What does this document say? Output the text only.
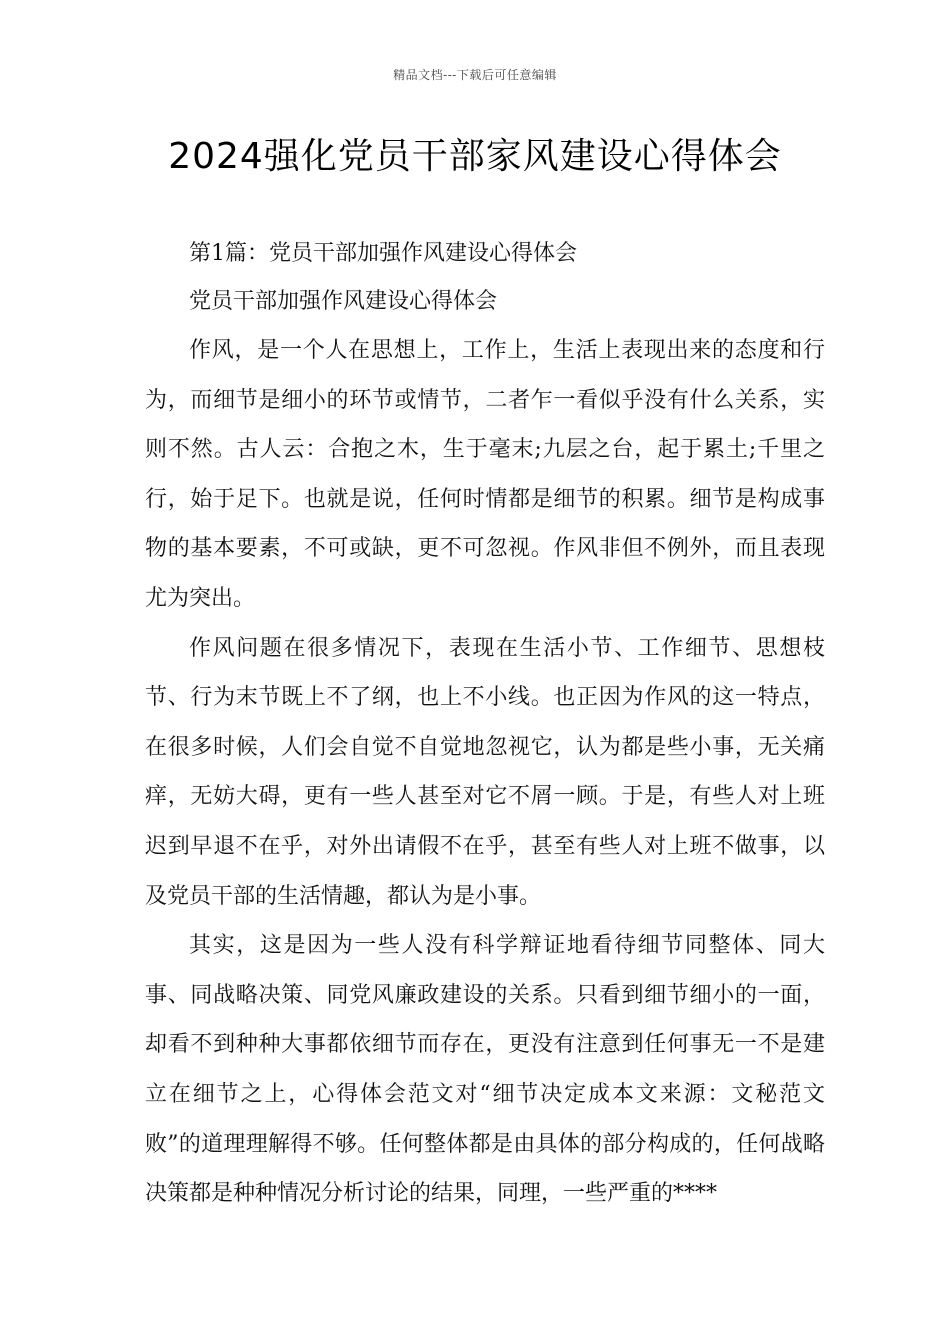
精品文档---下载后可任意编辑
2024强化党员干部家风建设心得体会

第1篇：党员干部加强作风建设心得体会

党员干部加强作风建设心得体会

作风，是一个人在思想上，工作上，生活上表现出来的态度和行为，而细节是细小的环节或情节，二者乍一看似乎没有什么关系，实则不然。古人云：合抱之木，生于毫末;九层之台，起于累土;千里之行，始于足下。也就是说，任何时情都是细节的积累。细节是构成事物的基本要素，不可或缺，更不可忽视。作风非但不例外，而且表现尤为突出。

作风问题在很多情况下，表现在生活小节、工作细节、思想枝节、行为末节既上不了纲，也上不小线。也正因为作风的这一特点，在很多时候，人们会自觉不自觉地忽视它，认为都是些小事，无关痛痒，无妨大碍，更有一些人甚至对它不屑一顾。于是，有些人对上班迟到早退不在乎，对外出请假不在乎，甚至有些人对上班不做事，以及党员干部的生活情趣，都认为是小事。

其实，这是因为一些人没有科学辩证地看待细节同整体、同大事、同战略决策、同党风廉政建设的关系。只看到细节细小的一面，却看不到种种大事都依细节而存在，更没有注意到任何事无一不是建立在细节之上，心得体会范文对“细节决定成本文来源：文秘范文 败”的道理理解得不够。任何整体都是由具体的部分构成的，任何战略决策都是种种情况分析讨论的结果，同理，一些严重的****
